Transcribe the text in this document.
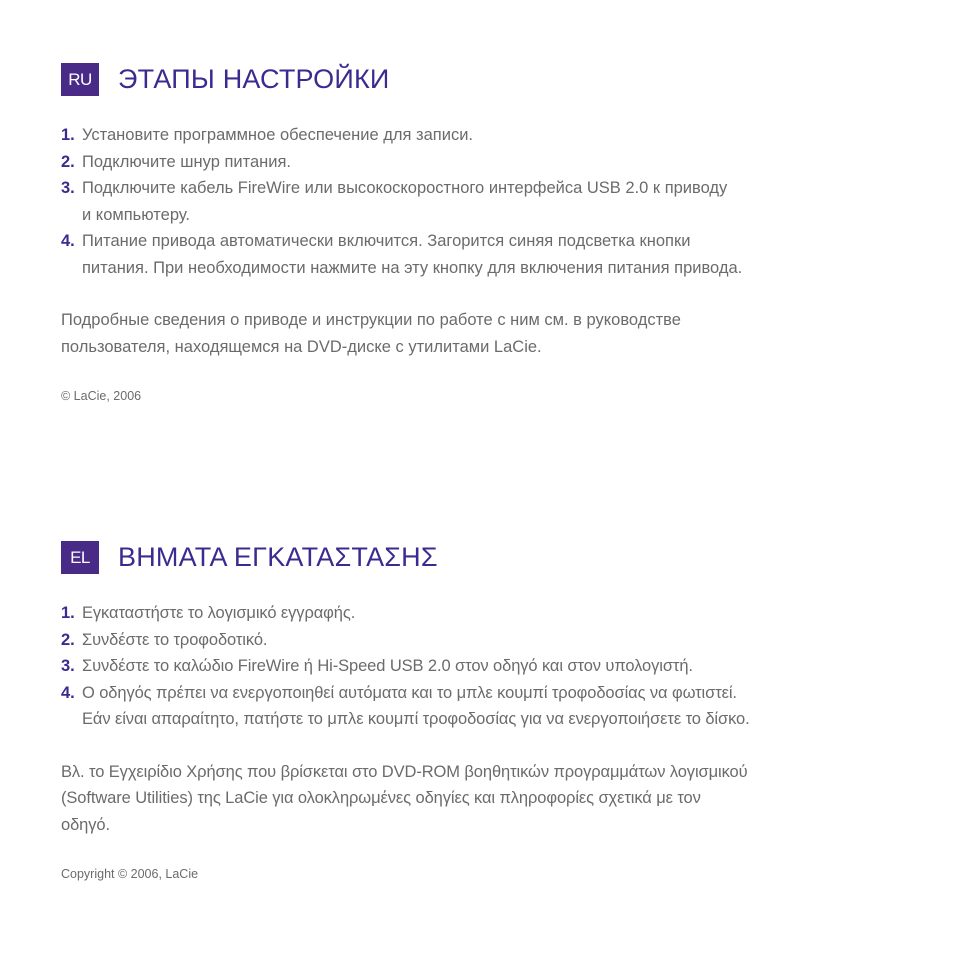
RU ЭТАПЫ НАСТРОЙКИ
1. Установите программное обеспечение для записи.
2. Подключите шнур питания.
3. Подключите кабель FireWire или высокоскоростного интерфейса USB 2.0 к приводу
и компьютеру.
4. Питание привода автоматически включится. Загорится синяя подсветка кнопки
питания. При необходимости нажмите на эту кнопку для включения питания привода.

Подробные сведения о приводе и инструкции по работе с ним см. в руководстве
пользователя, находящемся на DVD-диске с утилитами LaCie.

© LaCie, 2006

EL	ΒΗΜΑΤΑ ΕΓΚΑΤΑΣΤΑΣΗΣ
1. Εγκαταστήστε το λογισμικό εγγραφής.
2. Συνδέστε το τροφοδοτικό.
3. Συνδέστε το καλώδιο FireWire ή Hi-Speed USB 2.0 στον οδηγό και στον υπολογιστή.
4. Ο οδηγός πρέπει να ενεργοποιηθεί αυτόματα και το μπλε κουμπί τροφοδοσίας να φωτιστεί.
Εάν είναι απαραίτητο, πατήστε το μπλε κουμπί τροφοδοσίας για να ενεργοποιήσετε το δίσκο.

Βλ. το Εγχειρίδιο Χρήσης που βρίσκεται στο DVD-ROM βοηθητικών προγραμμάτων λογισμικού
(Software Utilities) της LaCie για ολοκληρωμένες οδηγίες και πληροφορίες σχετικά με τον
οδηγό.

Copyright © 2006, LaCie
